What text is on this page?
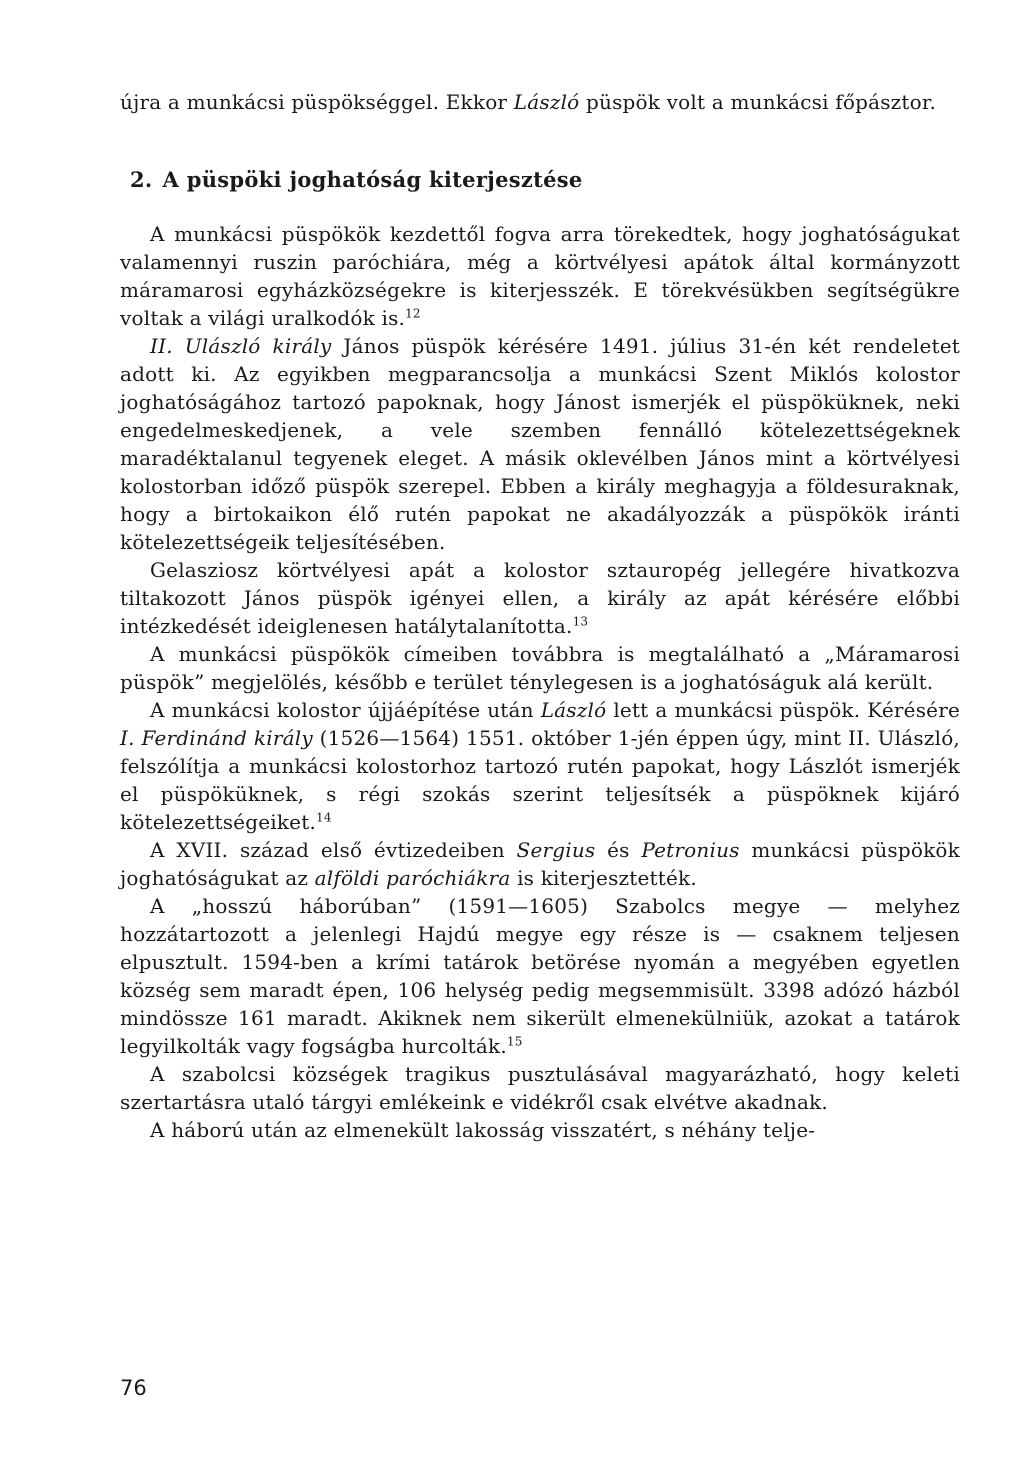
újra a munkácsi püspökséggel. Ekkor László püspök volt a munkácsi főpásztor.

2. A püspöki joghatóság kiterjesztése

A munkácsi püspökök kezdettől fogva arra törekedtek, hogy joghatóságukat valamennyi ruszin paróchiára, még a körtvélyesi apátok által kormányzott máramarosi egyházközségekre is kiterjesszék. E törekvésükben segítségükre voltak a világi uralkodók is.$^{12}$

II. Ulászló király János püspök kérésére 1491. július 31-én két rendeletet adott ki. Az egyikben megparancsolja a munkácsi Szent Miklós kolostor joghatóságához tartozó papoknak, hogy Jánost ismerjék el püspöküknek, neki engedelmeskedjenek, a vele szemben fennálló kötelezettségeknek maradéktalanul tegyenek eleget. A másik oklevélben János mint a körtvélyesi kolostorban időző püspök szerepel. Ebben a király meghagyja a földesuraknak, hogy a birtokaikon élő rutén papokat ne akadályozzák a püspökök iránti kötelezettségeik teljesítésében.

Gelasziosz körtvélyesi apát a kolostor sztauropég jellegére hivatkozva tiltakozott János püspök igényei ellen, a király az apát kérésére előbbi intézkedését ideiglenesen hatálytalanította.$^{13}$

A munkácsi püspökök címeiben továbbra is megtalálható a „Máramarosi püspök” megjelölés, később e terület ténylegesen is a joghatóságuk alá került.

A munkácsi kolostor újjáépítése után László lett a munkácsi püspök. Kérésére I. Ferdinánd király (1526—1564) 1551. október 1-jén éppen úgy, mint II. Ulászló, felszólítja a munkácsi kolostorhoz tartozó rutén papokat, hogy Lászlót ismerjék el püspöküknek, s régi szokás szerint teljesítsék a püspöknek kijáró kötelezettségeiket.$^{14}$

A XVII. század első évtizedeiben Sergius és Petronius munkácsi püspökök joghatóságukat az alföldi paróchiákra is kiterjesztették.

A „hosszú háborúban” (1591—1605) Szabolcs megye — melyhez hozzátartozott a jelenlegi Hajdú megye egy része is — csaknem teljesen elpusztult. 1594-ben a krími tatárok betörése nyomán a megyében egyetlen község sem maradt épen, 106 helység pedig megsemmisült. 3398 adózó házból mindössze 161 maradt. Akiknek nem sikerült elmenekülniük, azokat a tatárok legyilkolták vagy fogságba hurcolták.$^{15}$

A szabolcsi községek tragikus pusztulásával magyarázható, hogy keleti szertartásra utaló tárgyi emlékeink e vidékről csak elvétve akadnak.

A háború után az elmenekült lakosság visszatért, s néhány telje-

76
